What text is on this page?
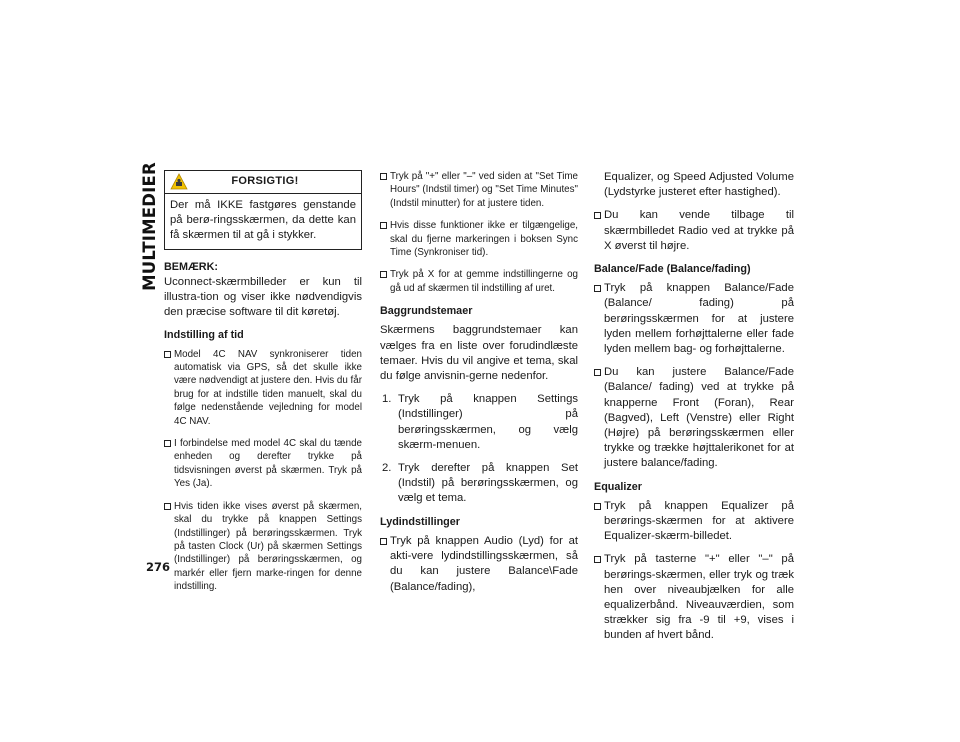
MULTIMEDIER
276
FORSIGTIG!
Der må IKKE fastgøres genstande på berø-ringsskærmen, da dette kan få skærmen til at gå i stykker.
BEMÆRK:

Uconnect-skærmbilleder er kun til illustra-tion og viser ikke nødvendigvis den præcise software til dit køretøj.

Indstilling af tid
Model 4C NAV synkroniserer tiden automatisk via GPS, så det skulle ikke være nødvendigt at justere den. Hvis du får brug for at indstille tiden manuelt, skal du følge nedenstående vejledning for model 4C NAV.
I forbindelse med model 4C skal du tænde enheden og derefter trykke på tidsvisningen øverst på skærmen. Tryk på Yes (Ja).
Hvis tiden ikke vises øverst på skærmen, skal du trykke på knappen Settings (Indstillinger) på berøringsskærmen. Tryk på tasten Clock (Ur) på skærmen Settings (Indstillinger) på berøringsskærmen, og markér eller fjern marke-ringen for denne indstilling.
Tryk på "+" eller "–" ved siden at "Set Time Hours" (Indstil timer) og "Set Time Minutes" (Indstil minutter) for at justere tiden.
Hvis disse funktioner ikke er tilgængelige, skal du fjerne markeringen i boksen Sync Time (Synkroniser tid).
Tryk på X for at gemme indstillingerne og gå ud af skærmen til indstilling af uret.
Baggrundstemaer

Skærmens baggrundstemaer kan vælges fra en liste over forudindlæste temaer. Hvis du vil angive et tema, skal du følge anvisnin-gerne nedenfor.

1. Tryk på knappen Settings (Indstillinger) på berøringsskærmen, og vælg skærm-menuen.
2. Tryk derefter på knappen Set (Indstil) på berøringsskærmen, og vælg et tema.
Lydindstillinger
Tryk på knappen Audio (Lyd) for at akti-vere lydindstillingsskærmen, så du kan justere Balance\Fade (Balance/fading),
Equalizer, og Speed Adjusted Volume (Lydstyrke justeret efter hastighed).
Du kan vende tilbage til skærmbilledet Radio ved at trykke på X øverst til højre.
Balance/Fade (Balance/fading)
Tryk på knappen Balance/Fade (Balance/ fading) på berøringsskærmen for at justere lyden mellem forhøjttalerne eller fade lyden mellem bag- og forhøjttalerne.
Du kan justere Balance/Fade (Balance/ fading) ved at trykke på knapperne Front (Foran), Rear (Bagved), Left (Venstre) eller Right (Højre) på berøringsskærmen eller trykke og trække højttalerikonet for at justere balance/fading.
Equalizer
Tryk på knappen Equalizer på berørings-skærmen for at aktivere Equalizer-skærm-billedet.
Tryk på tasterne "+" eller "–" på berørings-skærmen, eller tryk og træk hen over niveaubjælken for alle equalizerbånd. Niveauværdien, som strækker sig fra -9 til +9, vises i bunden af hvert bånd.
